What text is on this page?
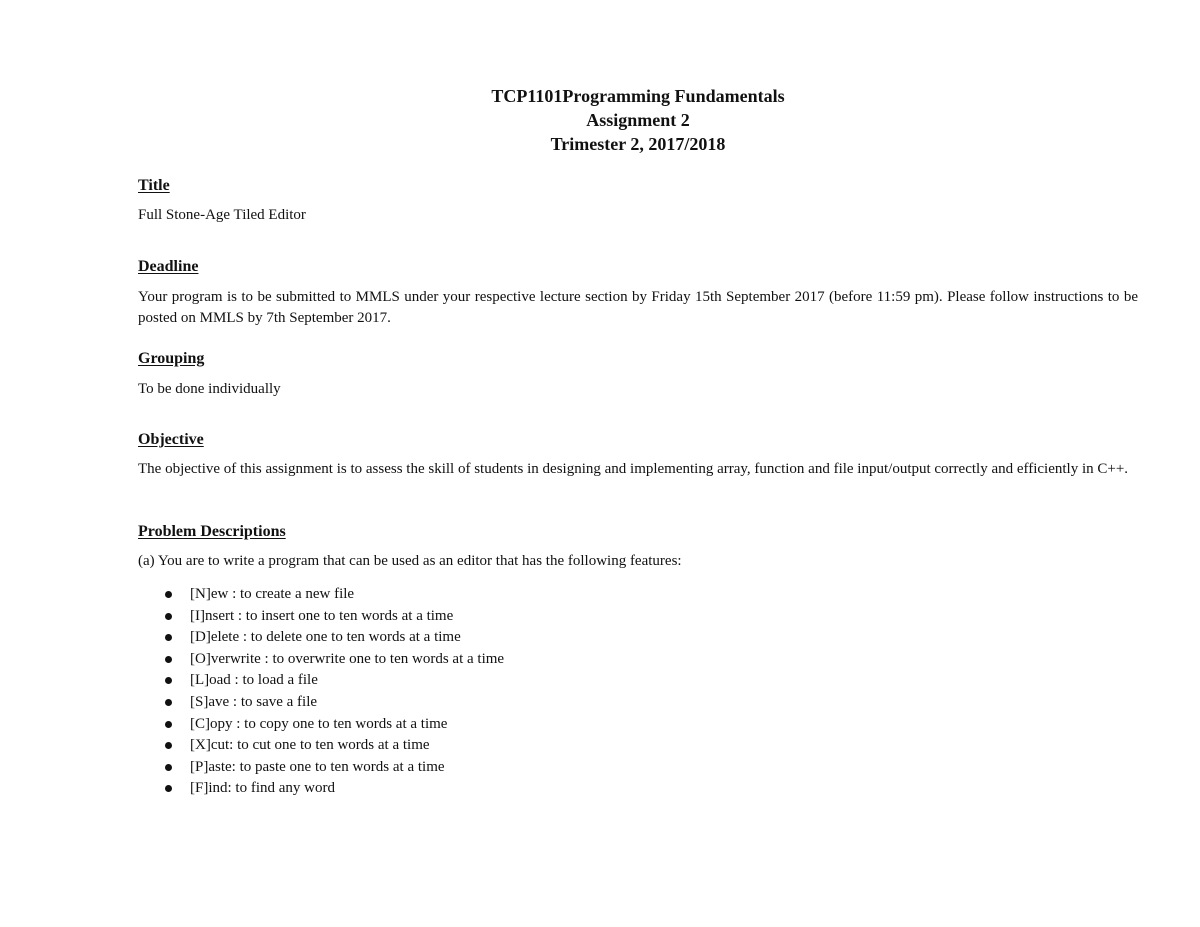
TCP1101Programming Fundamentals
Assignment 2
Trimester 2, 2017/2018
Title
Full Stone-Age Tiled Editor
Deadline
Your program is to be submitted to MMLS under your respective lecture section by Friday 15th September 2017 (before 11:59 pm). Please follow instructions to be posted on MMLS by 7th September 2017.
Grouping
To be done individually
Objective
The objective of this assignment is to assess the skill of students in designing and implementing array, function and file input/output correctly and efficiently in C++.
Problem Descriptions
(a) You are to write a program that can be used as an editor that has the following features:
[N]ew : to create a new file
[I]nsert : to insert one to ten words at a time
[D]elete : to delete one to ten words at a time
[O]verwrite : to overwrite one to ten words at a time
[L]oad : to load a file
[S]ave : to save a file
[C]opy : to copy one to ten words at a time
[X]cut: to cut one to ten words at a time
[P]aste: to paste one to ten words at a time
[F]ind: to find any word
